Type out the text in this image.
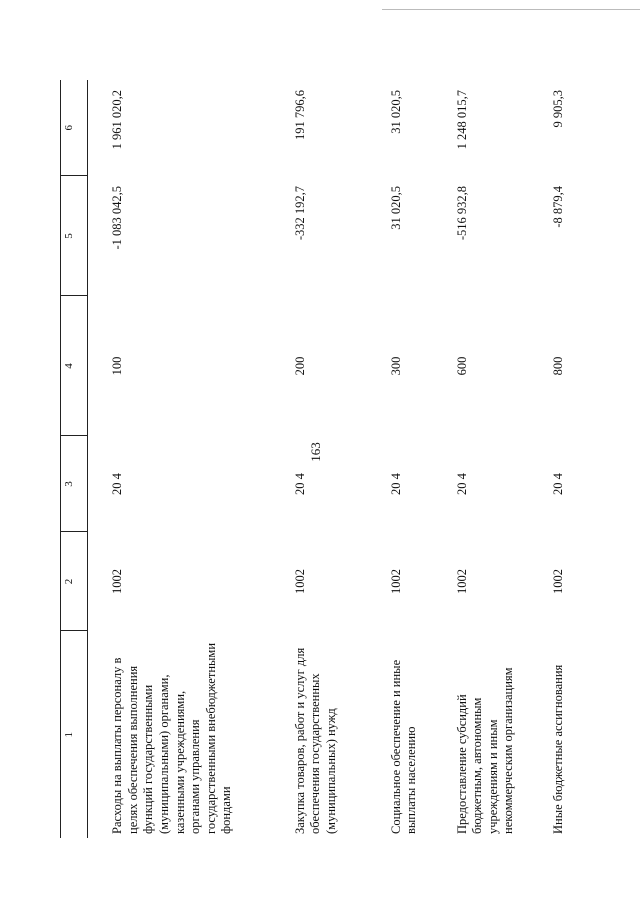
163
1	2	3	4	5	6
Расходы на выплаты персоналу в целях обеспечения выполнения функций государственными (муниципальными) органами, казенными учреждениями, органами управления государственными внебюджетными фондами	1002	20 4	100	-1 083 042,5	1 961 020,2
Закупка товаров, работ и услуг для обеспечения государственных (муниципальных) нужд	1002	20 4	200	-332 192,7	191 796,6
Социальное обеспечение и иные выплаты населению	1002	20 4	300	31 020,5	31 020,5
Предоставление субсидий бюджетным, автономным учреждениям и иным некоммерческим организациям	1002	20 4	600	-516 932,8	1 248 015,7
Иные бюджетные ассигнования	1002	20 4	800	-8 879,4	9 905,3
